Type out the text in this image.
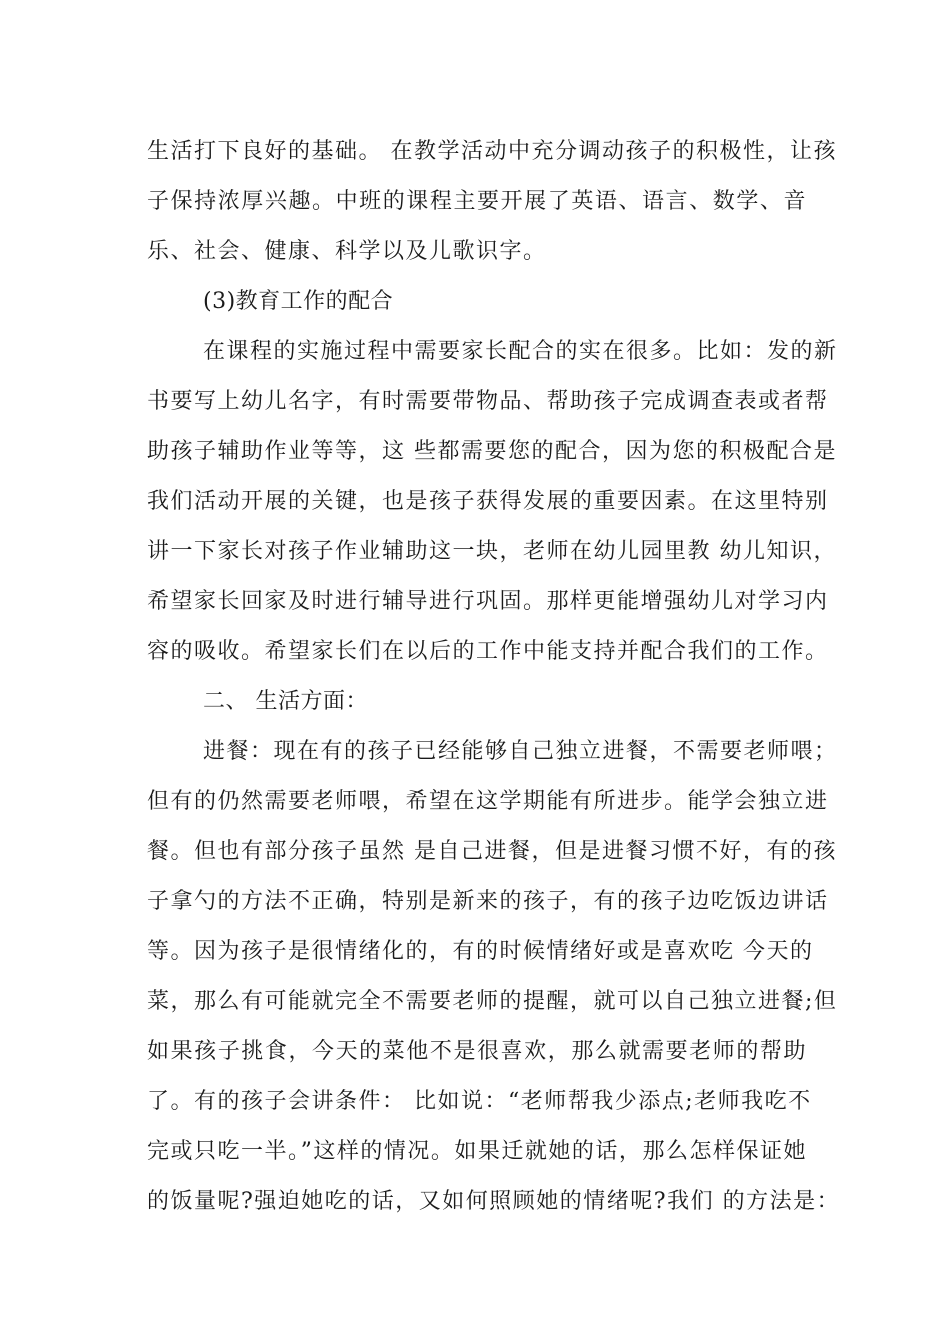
生活打下良好的基础。 在教学活动中充分调动孩子的积极性，让孩
子保持浓厚兴趣。中班的课程主要开展了英语、语言、数学、音
乐、社会、健康、科学以及儿歌识字。
(3)教育工作的配合
在课程的实施过程中需要家长配合的实在很多。比如：发的新
书要写上幼儿名字，有时需要带物品、帮助孩子完成调查表或者帮
助孩子辅助作业等等，这 些都需要您的配合，因为您的积极配合是
我们活动开展的关键，也是孩子获得发展的重要因素。在这里特别
讲一下家长对孩子作业辅助这一块，老师在幼儿园里教 幼儿知识，
希望家长回家及时进行辅导进行巩固。那样更能增强幼儿对学习内
容的吸收。希望家长们在以后的工作中能支持并配合我们的工作。
二、 生活方面：
进餐：现在有的孩子已经能够自己独立进餐，不需要老师喂；
但有的仍然需要老师喂，希望在这学期能有所进步。能学会独立进
餐。但也有部分孩子虽然 是自己进餐，但是进餐习惯不好，有的孩
子拿勺的方法不正确，特别是新来的孩子，有的孩子边吃饭边讲话
等。因为孩子是很情绪化的，有的时候情绪好或是喜欢吃 今天的
菜，那么有可能就完全不需要老师的提醒，就可以自己独立进餐;但
如果孩子挑食，今天的菜他不是很喜欢，那么就需要老师的帮助
了。有的孩子会讲条件： 比如说：“老师帮我少添点;老师我吃不
完或只吃一半。”这样的情况。如果迁就她的话，那么怎样保证她
的饭量呢?强迫她吃的话，又如何照顾她的情绪呢?我们 的方法是：
